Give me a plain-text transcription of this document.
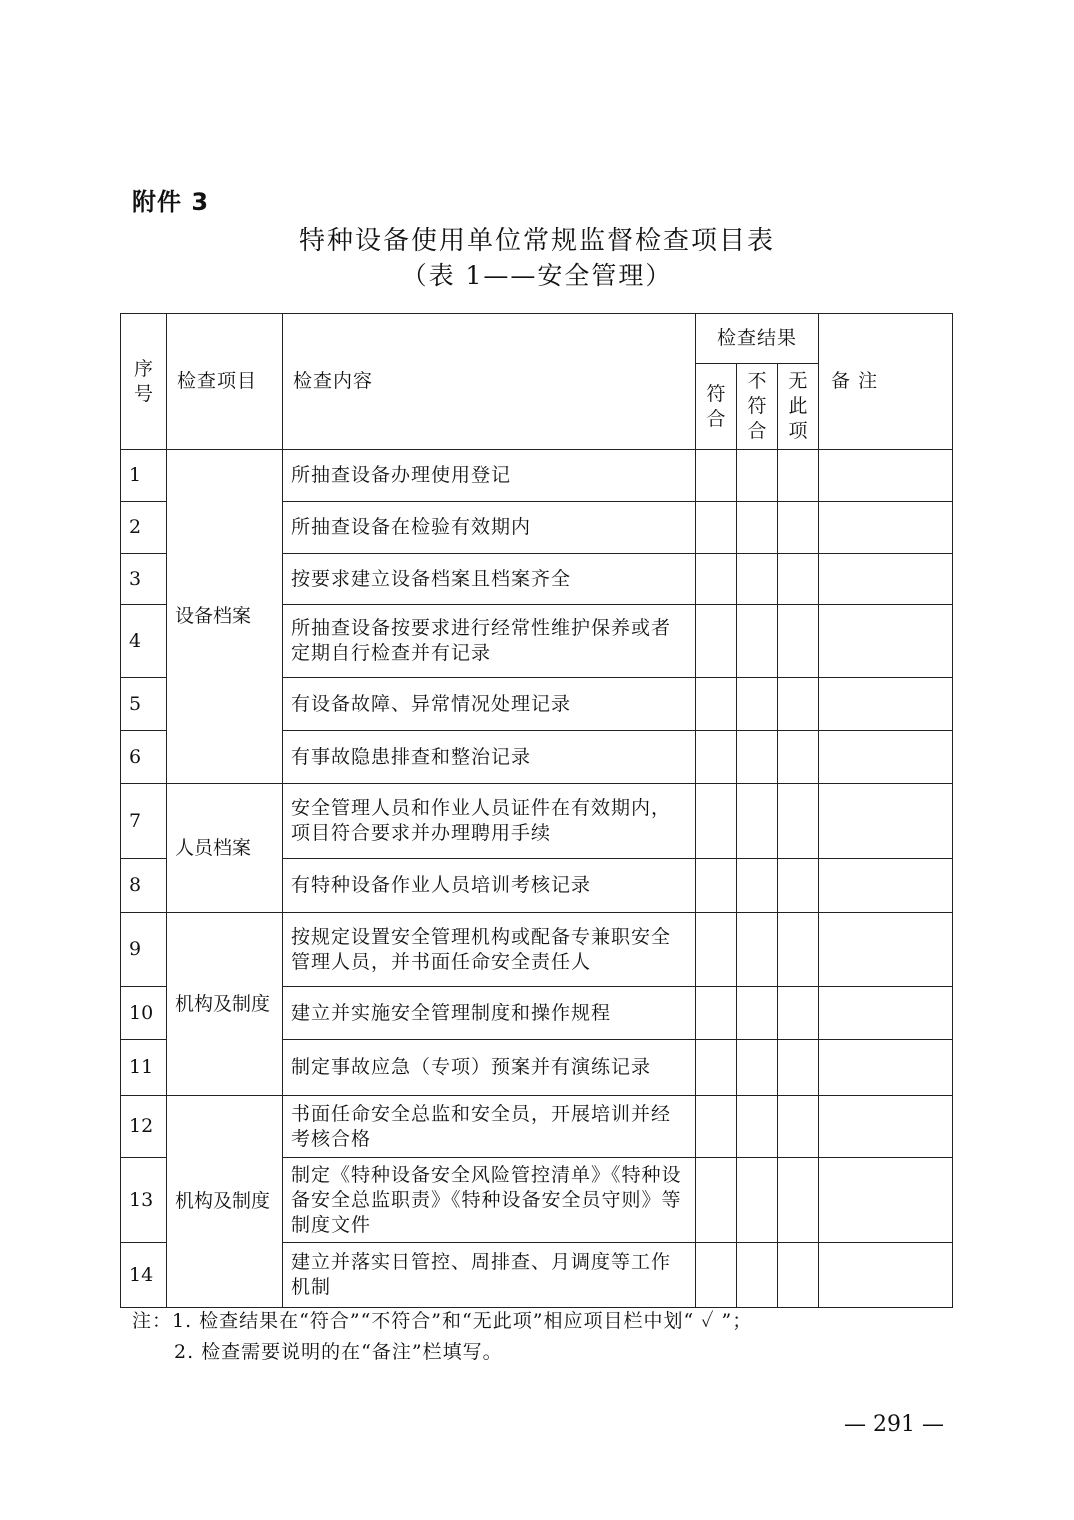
附件 3
特种设备使用单位常规监督检查项目表
（表 1——安全管理）
序号	检查项目	检查内容	检查结果			备 注
			符合	不符合	无此项	
1	设备档案	所抽查设备办理使用登记				
2		所抽查设备在检验有效期内				
3		按要求建立设备档案且档案齐全				
4		所抽查设备按要求进行经常性维护保养或者定期自行检查并有记录				
5		有设备故障、异常情况处理记录				
6		有事故隐患排查和整治记录				
7	人员档案	安全管理人员和作业人员证件在有效期内，项目符合要求并办理聘用手续				
8		有特种设备作业人员培训考核记录				
9	机构及制度	按规定设置安全管理机构或配备专兼职安全管理人员，并书面任命安全责任人				
10		建立并实施安全管理制度和操作规程				
11		制定事故应急（专项）预案并有演练记录				
12	机构及制度	书面任命安全总监和安全员，开展培训并经考核合格				
13		制定《特种设备安全风险管控清单》《特种设备安全总监职责》《特种设备安全员守则》等制度文件				
14		建立并落实日管控、周排查、月调度等工作机制				
注：1. 检查结果在“符合”“不符合”和“无此项”相应项目栏中划“ ✓ ”；
2. 检查需要说明的在“备注”栏填写。
— 291 —
